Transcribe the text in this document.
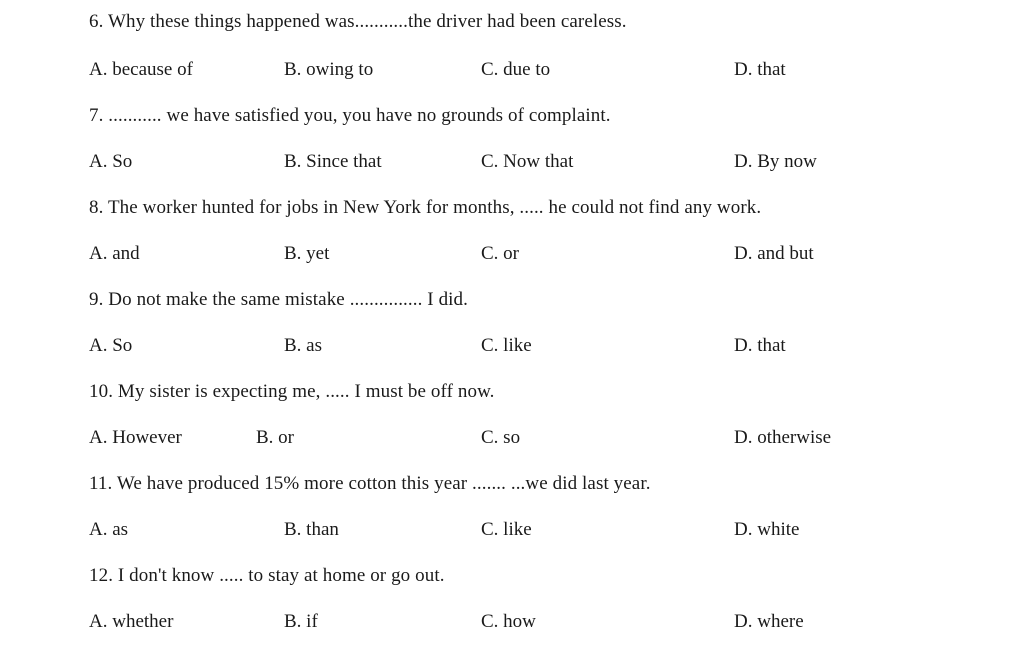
6. Why these things happened was...........the driver had been careless.
A. because of	B. owing to	C. due to	D. that
7. ........... we have satisfied you, you have no grounds of complaint.
A. So	B. Since that	C. Now that	D. By now
8. The worker hunted for jobs in New York for months, ..... he could not find any work.
A. and	B. yet	C. or	D. and but
9. Do not make the same mistake ............... I did.
A. So	B. as	C. like	D. that
10. My sister is expecting me, ..... I must be off now.
A. However	B. or	C. so	D. otherwise
11. We have produced 15% more cotton this year ....... ...we did last year.
A. as	B. than	C. like	D. white
12. I don't know ..... to stay at home or go out.
A. whether	B. if	C. how	D. where
